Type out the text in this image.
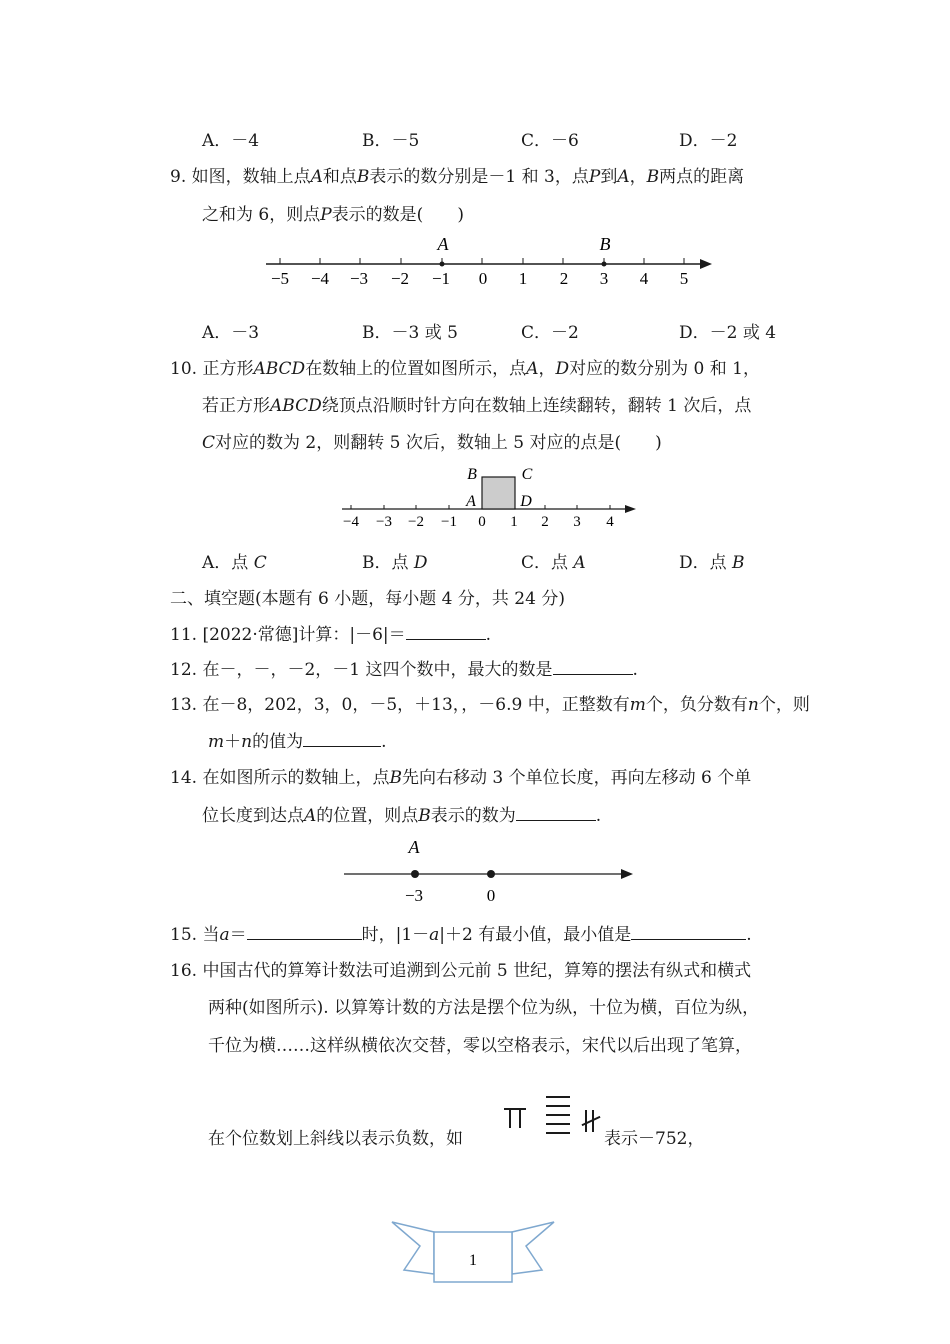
A．－4	B．－5	C．－6	D．－2
9. 如图，数轴上点A和点B表示的数分别是－1 和 3，点P到A，B两点的距离
之和为 6，则点P表示的数是(　　)
A	B
−5 −4 −3 −2 −1 0 1 2 3 4 5
A．－3	B．－3 或 5	C．－2	D．－2 或 4
10. 正方形ABCD在数轴上的位置如图所示，点A，D对应的数分别为 0 和 1，
若正方形ABCD绕顶点沿顺时针方向在数轴上连续翻转，翻转 1 次后，点
C对应的数为 2，则翻转 5 次后，数轴上 5 对应的点是(　　)
B	C
A	D
−4 −3 −2 −1 0 1 2 3 4
A．点 C	B．点 D	C．点 A	D．点 B
二、填空题(本题有 6 小题，每小题 4 分，共 24 分)
11. [2022·常德]计算：|－6|＝	.
12. 在－，－，－2，－1 这四个数中，最大的数是	.
13. 在－8，202，3，0，－5，＋13，，－6.9 中，正整数有m个，负分数有n个，则
m＋n的值为	.
14. 在如图所示的数轴上，点B先向右移动 3 个单位长度，再向左移动 6 个单
位长度到达点A的位置，则点B表示的数为	.
A
−3	0
15. 当a＝	时，|1－a|＋2 有最小值，最小值是	.
16. 中国古代的算筹计数法可追溯到公元前 5 世纪，算筹的摆法有纵式和横式
两种(如图所示). 以算筹计数的方法是摆个位为纵，十位为横，百位为纵，
千位为横……这样纵横依次交替，零以空格表示，宋代以后出现了笔算，
在个位数划上斜线以表示负数，如	表示－752，
1
